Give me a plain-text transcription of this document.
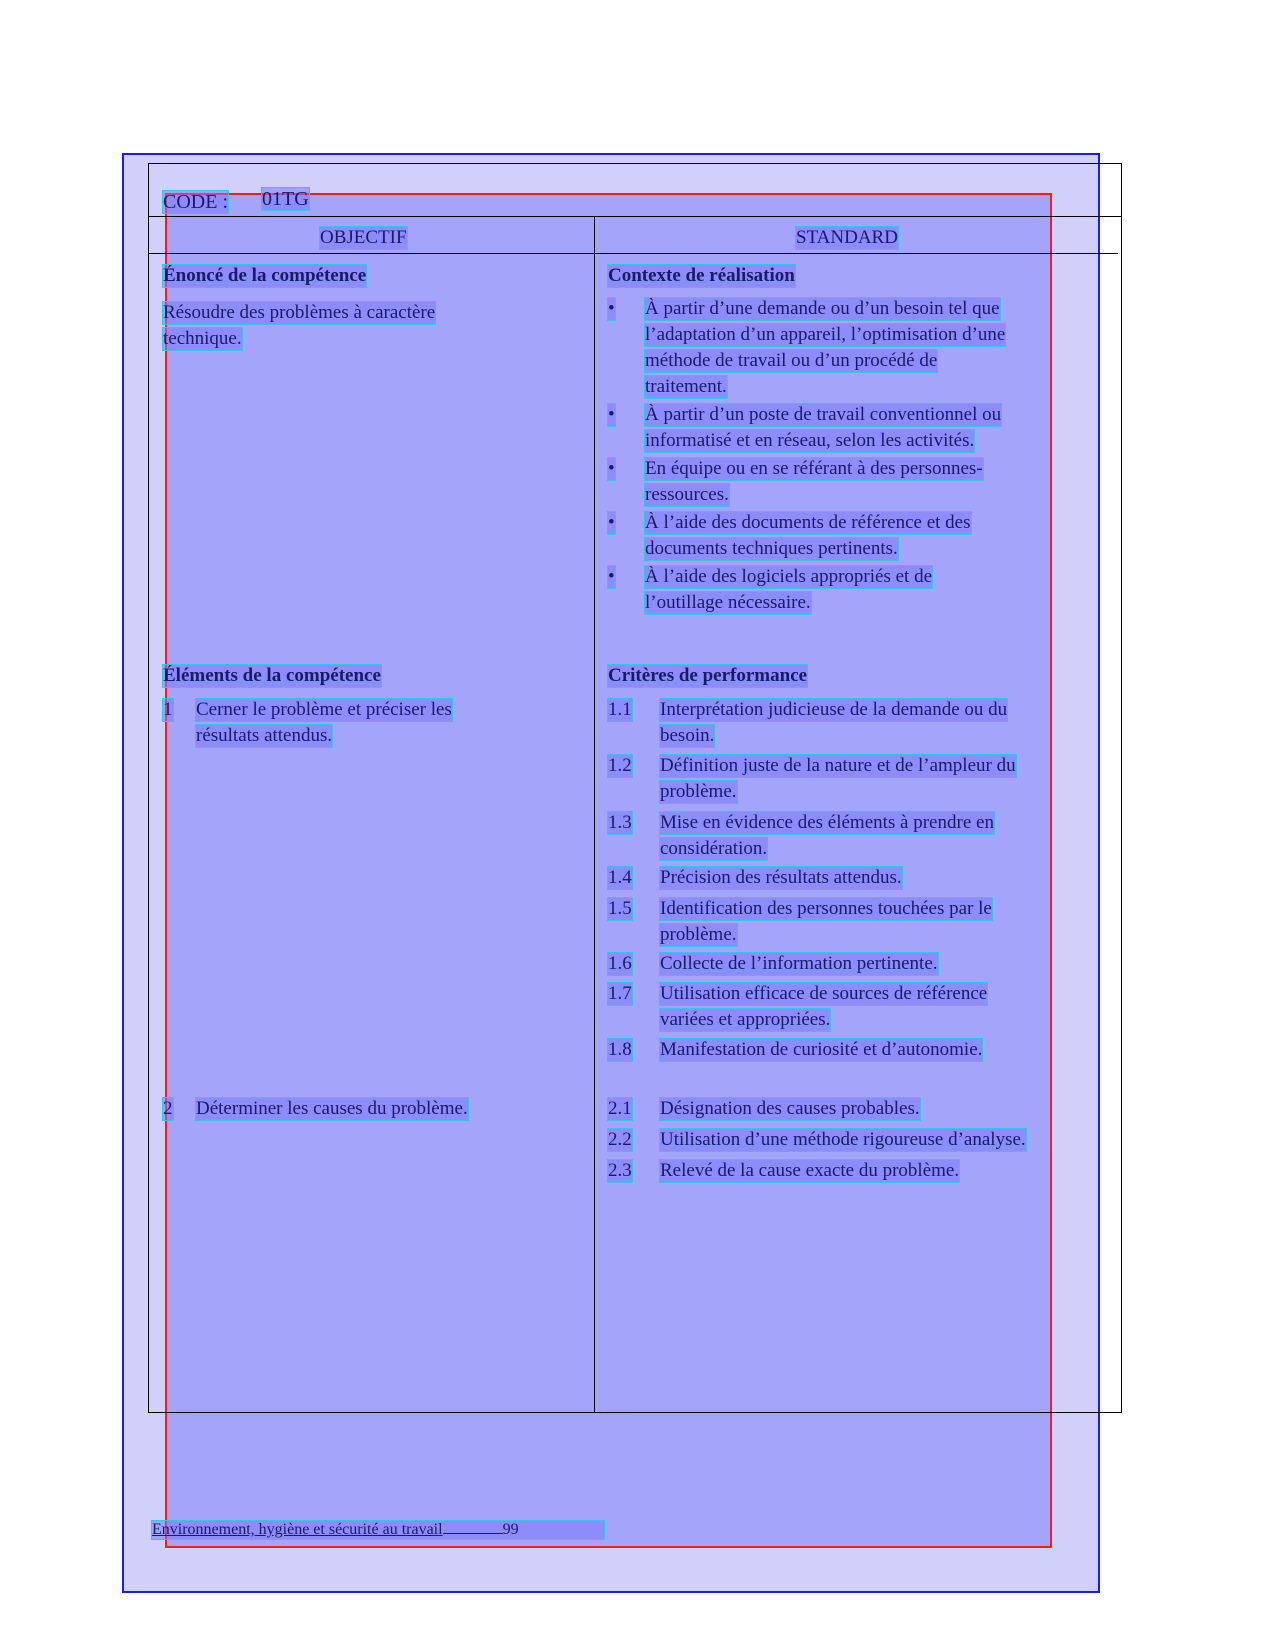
CODE : 01TG
OBJECTIF	STANDARD
Énoncé de la compétence
Résoudre des problèmes à caractère
technique.
Contexte de réalisation
• À partir d’une demande ou d’un besoin tel que
l’adaptation d’un appareil, l’optimisation d’une
méthode de travail ou d’un procédé de
traitement.
• À partir d’un poste de travail conventionnel ou
informatisé et en réseau, selon les activités.
• En équipe ou en se référant à des personnes-
ressources.
• À l’aide des documents de référence et des
documents techniques pertinents.
• À l’aide des logiciels appropriés et de
l’outillage nécessaire.
Éléments de la compétence
1 Cerner le problème et préciser les
résultats attendus.
2 Déterminer les causes du problème.
Critères de performance
1.1 Interprétation judicieuse de la demande ou du
besoin.
1.2 Définition juste de la nature et de l’ampleur du
problème.
1.3 Mise en évidence des éléments à prendre en
considération.
1.4 Précision des résultats attendus.
1.5 Identification des personnes touchées par le
problème.
1.6 Collecte de l’information pertinente.
1.7 Utilisation efficace de sources de référence
variées et appropriées.
1.8 Manifestation de curiosité et d’autonomie.
2.1 Désignation des causes probables.
2.2 Utilisation d’une méthode rigoureuse d’analyse.
2.3 Relevé de la cause exacte du problème.
Environnement, hygiène et sécurité au travail	99
